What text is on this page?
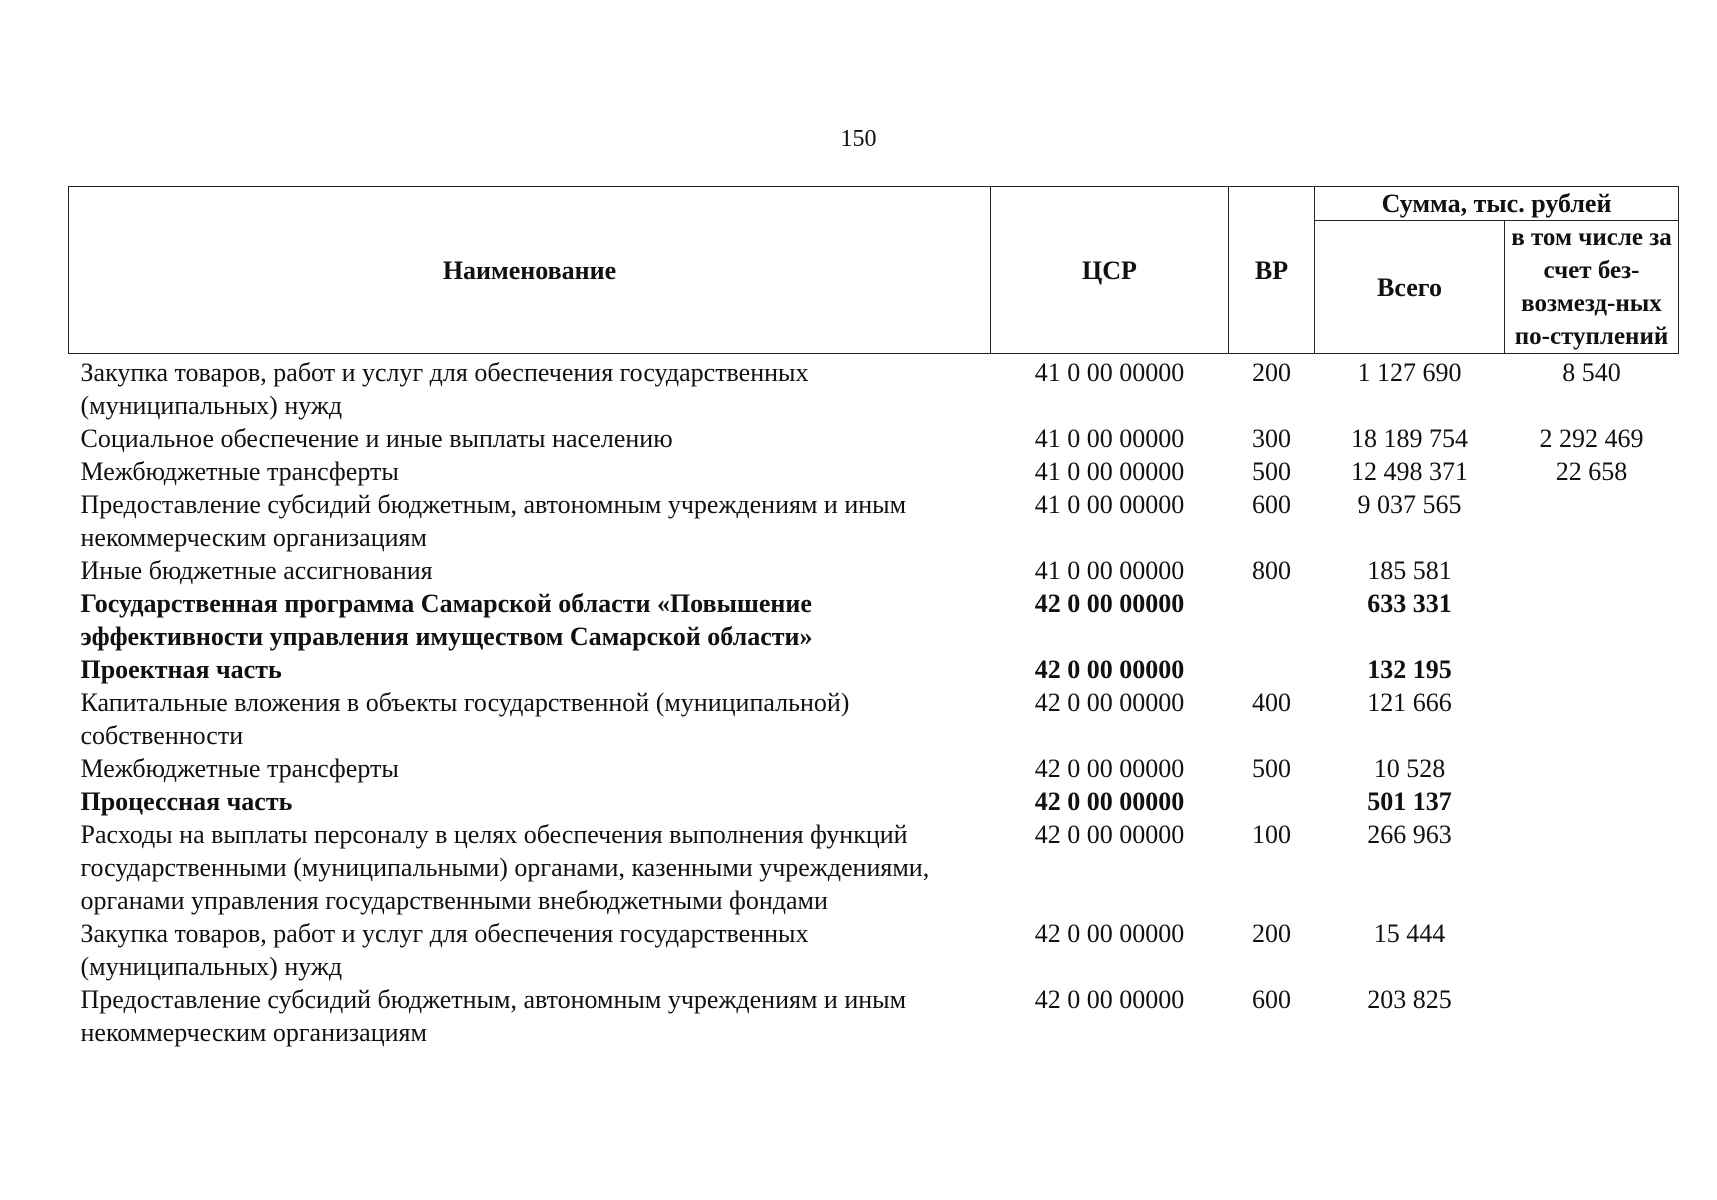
150
Наименование	ЦСР	ВР	Сумма, тыс. рублей	
			Всего	в том числе за счет без-возмезд-ных по-ступлений
Закупка товаров, работ и услуг для обеспечения государственных (муниципальных) нужд	41 0 00 00000	200	1 127 690	8 540
Социальное обеспечение и иные выплаты населению	41 0 00 00000	300	18 189 754	2 292 469
Межбюджетные трансферты	41 0 00 00000	500	12 498 371	22 658
Предоставление субсидий бюджетным, автономным учреждениям и иным некоммерческим организациям	41 0 00 00000	600	9 037 565	
Иные бюджетные ассигнования	41 0 00 00000	800	185 581	
Государственная программа Самарской области «Повышение эффективности управления имуществом Самарской области»	42 0 00 00000		633 331	
Проектная часть	42 0 00 00000		132 195	
Капитальные вложения в объекты государственной (муниципальной) собственности	42 0 00 00000	400	121 666	
Межбюджетные трансферты	42 0 00 00000	500	10 528	
Процессная часть	42 0 00 00000		501 137	
Расходы на выплаты персоналу в целях обеспечения выполнения функций государственными (муниципальными) органами, казенными учреждениями, органами управления государственными внебюджетными фондами	42 0 00 00000	100	266 963	
Закупка товаров, работ и услуг для обеспечения государственных (муниципальных) нужд	42 0 00 00000	200	15 444	
Предоставление субсидий бюджетным, автономным учреждениям и иным некоммерческим организациям	42 0 00 00000	600	203 825	
